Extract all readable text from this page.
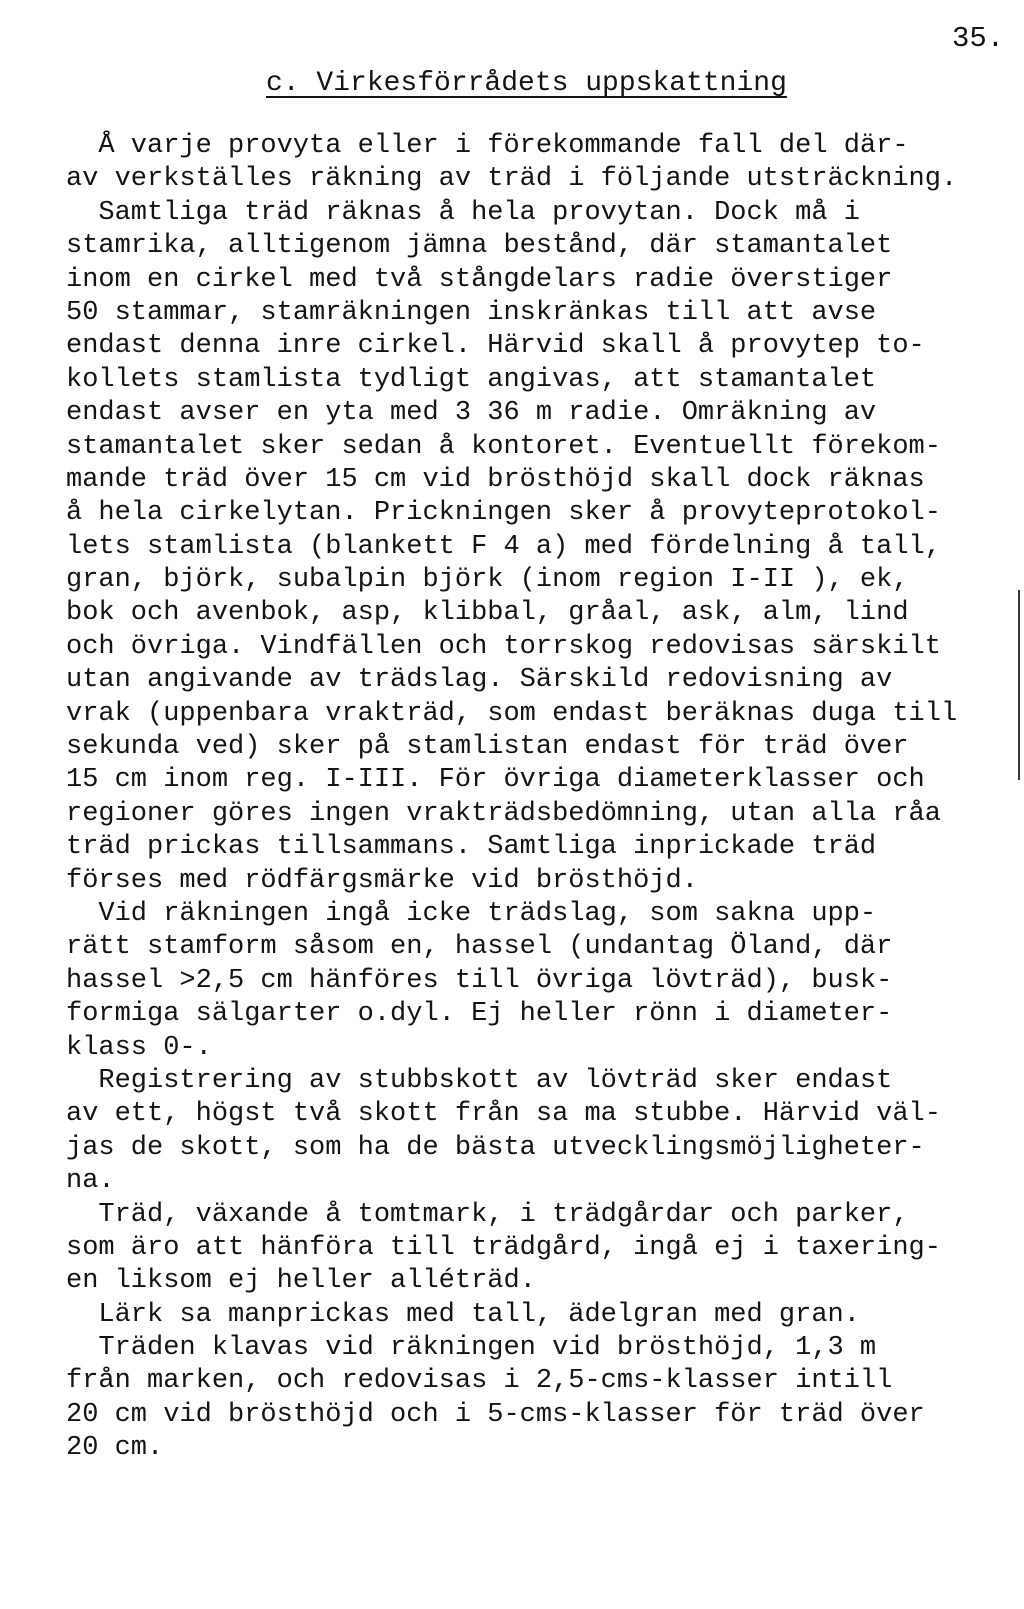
35.
c. Virkesförrådets uppskattning
Å varje provyta eller i förekommande fall del där-
av verkställes räkning av träd i följande utsträckning.
Samtliga träd räknas å hela provytan. Dock må i
stamrika, alltigenom jämna bestånd, där stamantalet
inom en cirkel med två stångdelars radie överstiger
50 stammar, stamräkningen inskränkas till att avse
endast denna inre cirkel. Härvid skall å provytep to-
kollets stamlista tydligt angivas, att stamantalet
endast avser en yta med 3 36 m radie. Omräkning av
stamantalet sker sedan å kontoret. Eventuellt förekom-
mande träd över 15 cm vid brösthöjd skall dock räknas
å hela cirkelytan. Prickningen sker å provyteprotokol-
lets stamlista (blankett F 4 a) med fördelning å tall,
gran, björk, subalpin björk (inom region I-II ), ek,
bok och avenbok, asp, klibbal, gråal, ask, alm, lind
och övriga. Vindfällen och torrskog redovisas särskilt
utan angivande av trädslag. Särskild redovisning av
vrak (uppenbara vrakträd, som endast beräknas duga till
sekunda ved) sker på stamlistan endast för träd över
15 cm inom reg. I-III. För övriga diameterklasser och
regioner göres ingen vrakträdsbedömning, utan alla råa
träd prickas tillsammans. Samtliga inprickade träd
förses med rödfärgsmärke vid brösthöjd.
Vid räkningen ingå icke trädslag, som sakna upp-
rätt stamform såsom en, hassel (undantag Öland, där
hassel >2,5 cm hänföres till övriga lövträd), busk-
formiga sälgarter o.dyl. Ej heller rönn i diameter-
klass 0-.
Registrering av stubbskott av lövträd sker endast
av ett, högst två skott från sa ma stubbe. Härvid väl-
jas de skott, som ha de bästa utvecklingsmöjligheter-
na.
Träd, växande å tomtmark, i trädgårdar och parker,
som äro att hänföra till trädgård, ingå ej i taxering-
en liksom ej heller alléträd.
Lärk sa manprickas med tall, ädelgran med gran.
Träden klavas vid räkningen vid brösthöjd, 1,3 m
från marken, och redovisas i 2,5-cms-klasser intill
20 cm vid brösthöjd och i 5-cms-klasser för träd över
20 cm.
